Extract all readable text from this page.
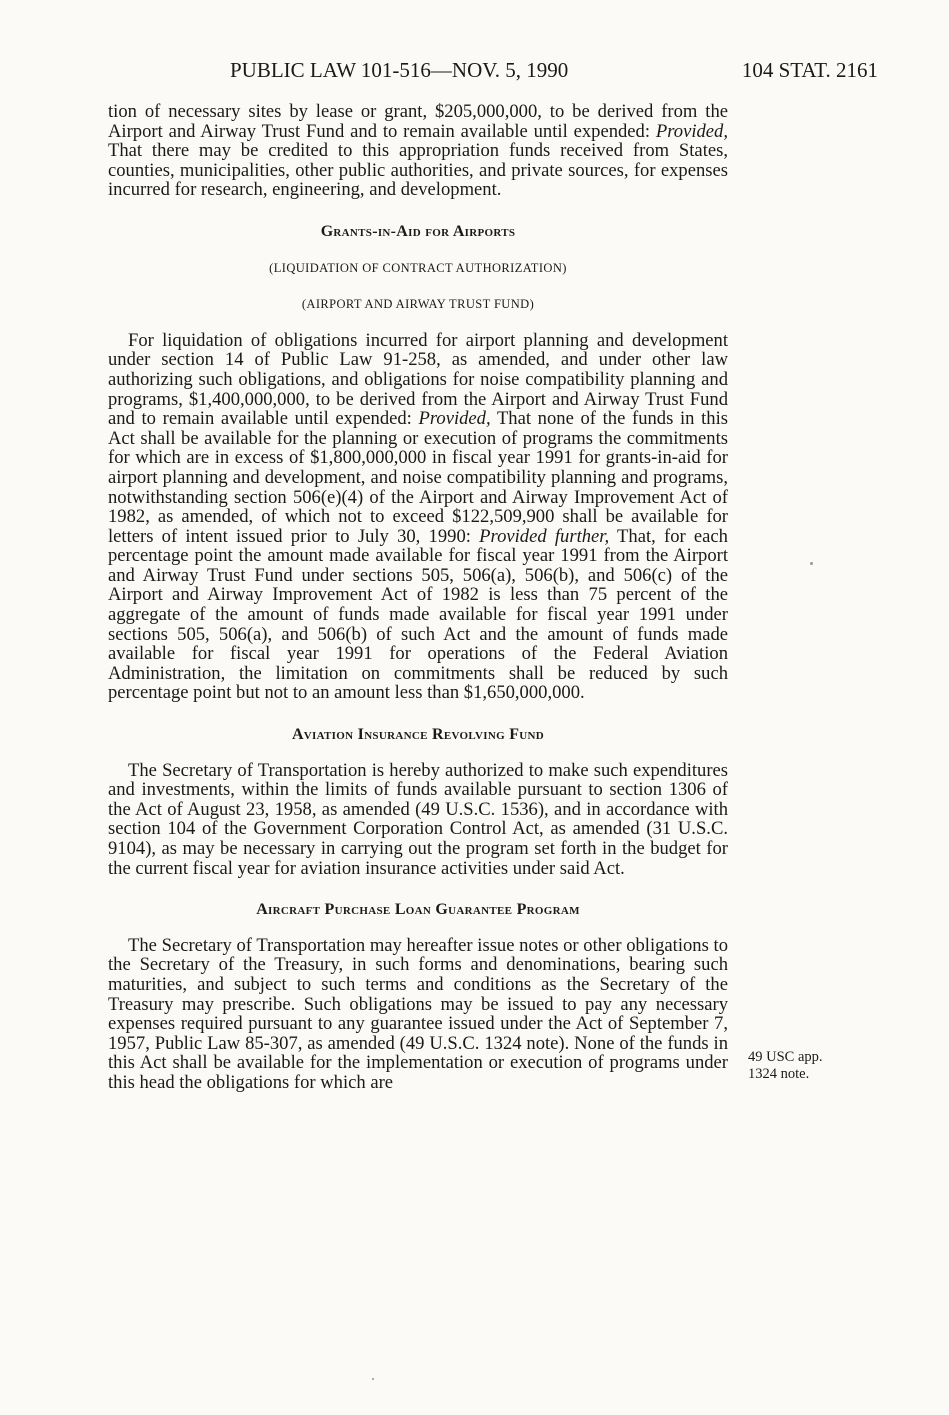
PUBLIC LAW 101-516—NOV. 5, 1990	104 STAT. 2161

tion of necessary sites by lease or grant, $205,000,000, to be derived from the Airport and Airway Trust Fund and to remain available until expended: Provided, That there may be credited to this appropriation funds received from States, counties, municipalities, other public authorities, and private sources, for expenses incurred for research, engineering, and development.

Grants-in-Aid for Airports
(LIQUIDATION OF CONTRACT AUTHORIZATION)
(AIRPORT AND AIRWAY TRUST FUND)

For liquidation of obligations incurred for airport planning and development under section 14 of Public Law 91-258, as amended, and under other law authorizing such obligations, and obligations for noise compatibility planning and programs, $1,400,000,000, to be derived from the Airport and Airway Trust Fund and to remain available until expended: Provided, That none of the funds in this Act shall be available for the planning or execution of programs the commitments for which are in excess of $1,800,000,000 in fiscal year 1991 for grants-in-aid for airport planning and development, and noise compatibility planning and programs, notwithstanding section 506(e)(4) of the Airport and Airway Improvement Act of 1982, as amended, of which not to exceed $122,509,900 shall be available for letters of intent issued prior to July 30, 1990: Provided further, That, for each percentage point the amount made available for fiscal year 1991 from the Airport and Airway Trust Fund under sections 505, 506(a), 506(b), and 506(c) of the Airport and Airway Improvement Act of 1982 is less than 75 percent of the aggregate of the amount of funds made available for fiscal year 1991 under sections 505, 506(a), and 506(b) of such Act and the amount of funds made available for fiscal year 1991 for operations of the Federal Aviation Administration, the limitation on commitments shall be reduced by such percentage point but not to an amount less than $1,650,000,000.

Aviation Insurance Revolving Fund

The Secretary of Transportation is hereby authorized to make such expenditures and investments, within the limits of funds available pursuant to section 1306 of the Act of August 23, 1958, as amended (49 U.S.C. 1536), and in accordance with section 104 of the Government Corporation Control Act, as amended (31 U.S.C. 9104), as may be necessary in carrying out the program set forth in the budget for the current fiscal year for aviation insurance activities under said Act.

Aircraft Purchase Loan Guarantee Program

The Secretary of Transportation may hereafter issue notes or other obligations to the Secretary of the Treasury, in such forms and denominations, bearing such maturities, and subject to such terms and conditions as the Secretary of the Treasury may prescribe. Such obligations may be issued to pay any necessary expenses required pursuant to any guarantee issued under the Act of September 7, 1957, Public Law 85-307, as amended (49 U.S.C. 1324 note). None of the funds in this Act shall be available for the implementation or execution of programs under this head the obligations for which are

49 USC app.
1324 note.
